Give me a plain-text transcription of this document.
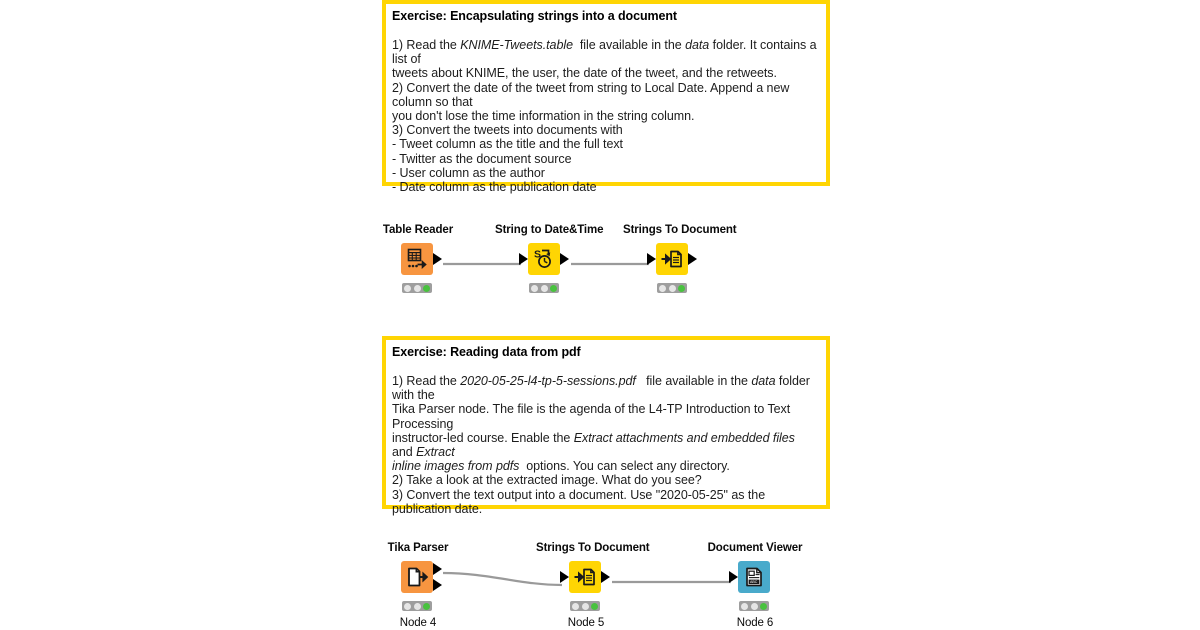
Exercise: Encapsulating strings into a document
1) Read the KNIME-Tweets.table  file available in the data folder. It contains a list of
tweets about KNIME, the user, the date of the tweet, and the retweets.
2) Convert the date of the tweet from string to Local Date. Append a new column so that
you don't lose the time information in the string column.
3) Convert the tweets into documents with
- Tweet column as the title and the full text
- Twitter as the document source
- User column as the author
- Date column as the publication date
Exercise: Reading data from pdf
1) Read the 2020-05-25-l4-tp-5-sessions.pdf   file available in the data folder with the
Tika Parser node. The file is the agenda of the L4-TP Introduction to Text Processing
instructor-led course. Enable the Extract attachments and embedded files   and Extract
inline images from pdfs  options. You can select any directory.
2) Take a look at the extracted image. What do you see?
3) Convert the text output into a document. Use "2020-05-25" as the publication date.
Table Reader	String to Date&Time
S
Strings To Document
Tika Parser
Node 4
Strings To Document
Node 5
Document Viewer
ABC
Node 6
